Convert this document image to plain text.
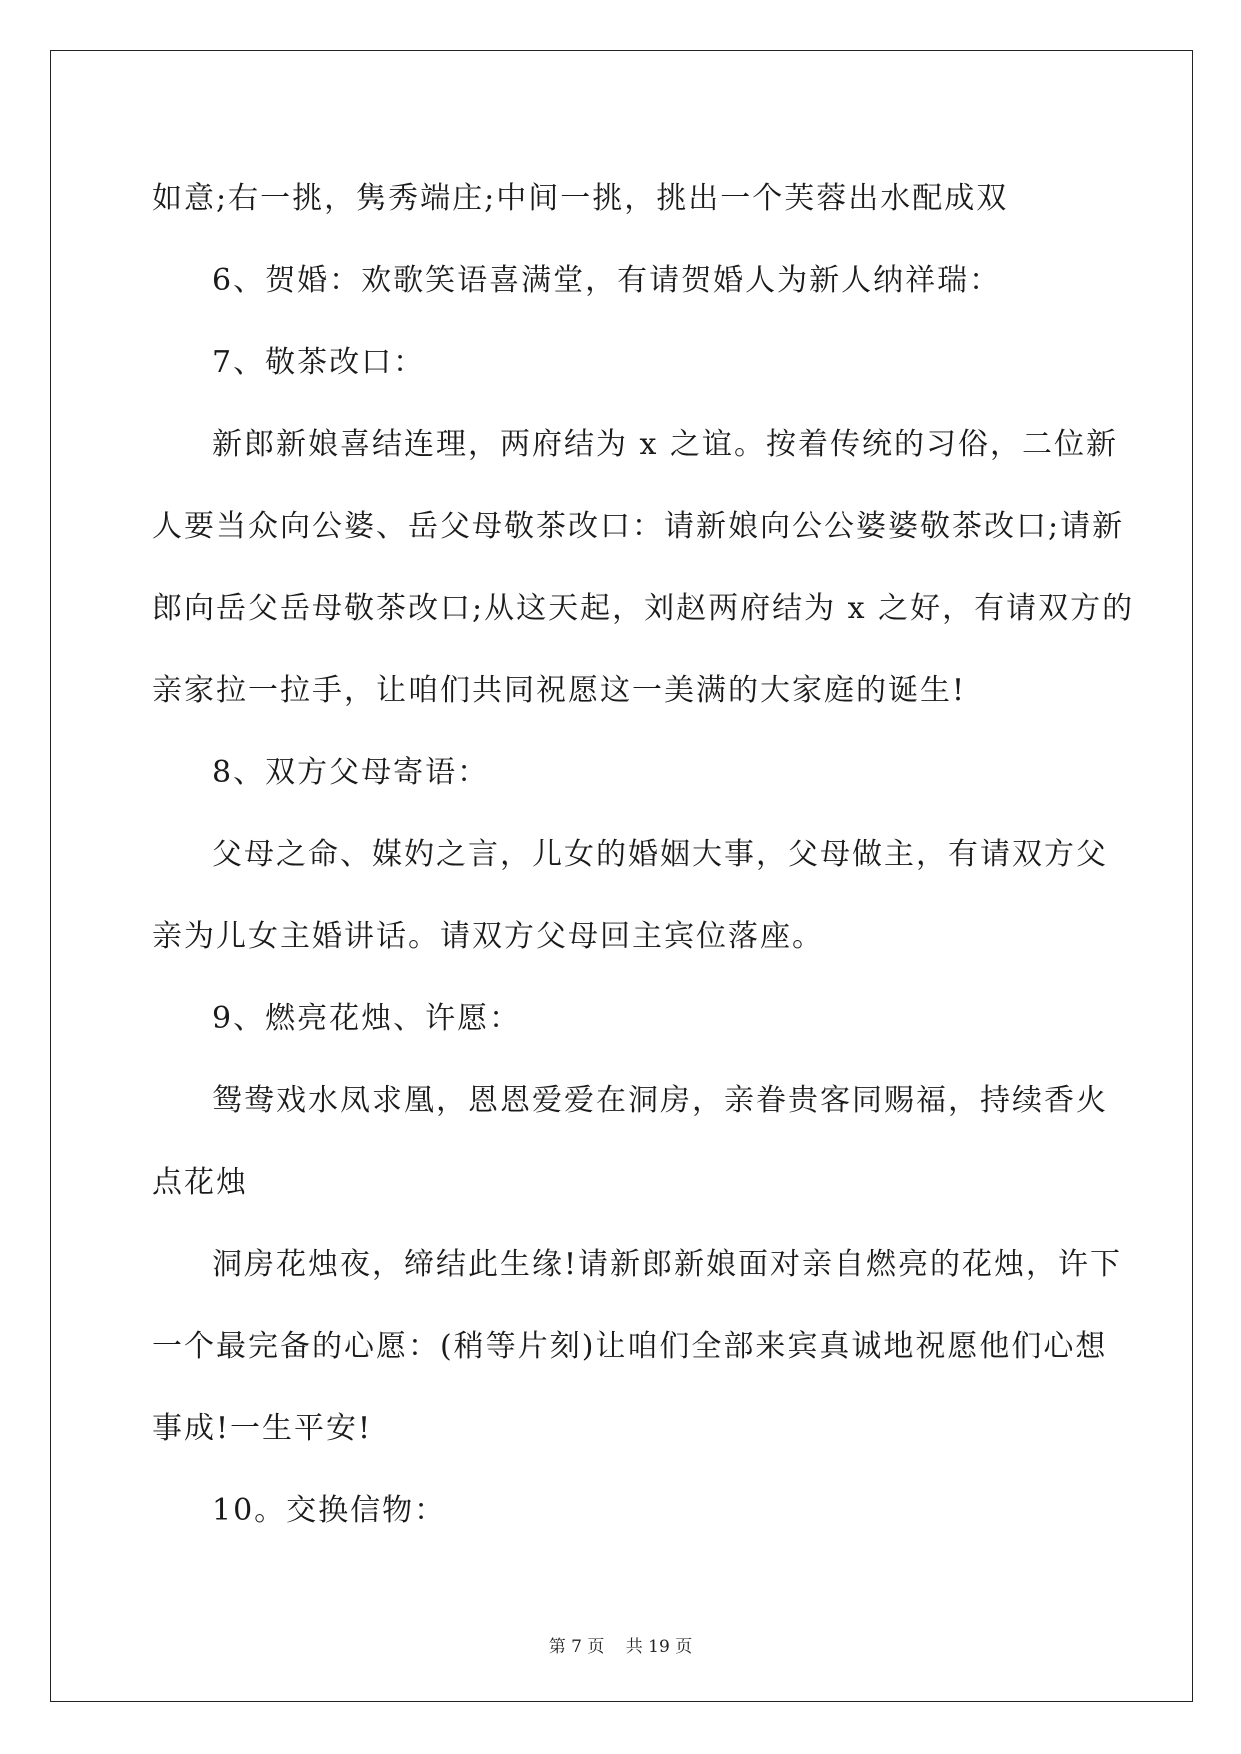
如意;右一挑，隽秀端庄;中间一挑，挑出一个芙蓉出水配成双
6、贺婚：欢歌笑语喜满堂，有请贺婚人为新人纳祥瑞：
7、敬茶改口：
新郎新娘喜结连理，两府结为 x 之谊。按着传统的习俗，二位新
人要当众向公婆、岳父母敬茶改口：请新娘向公公婆婆敬茶改口;请新
郎向岳父岳母敬茶改口;从这天起，刘赵两府结为 x 之好，有请双方的
亲家拉一拉手，让咱们共同祝愿这一美满的大家庭的诞生!
8、双方父母寄语：
父母之命、媒妁之言，儿女的婚姻大事，父母做主，有请双方父
亲为儿女主婚讲话。请双方父母回主宾位落座。
9、燃亮花烛、许愿：
鸳鸯戏水凤求凰，恩恩爱爱在洞房，亲眷贵客同赐福，持续香火
点花烛
洞房花烛夜，缔结此生缘!请新郎新娘面对亲自燃亮的花烛，许下
一个最完备的心愿：(稍等片刻)让咱们全部来宾真诚地祝愿他们心想
事成!一生平安!
10。交换信物：
第 7 页 共 19 页
